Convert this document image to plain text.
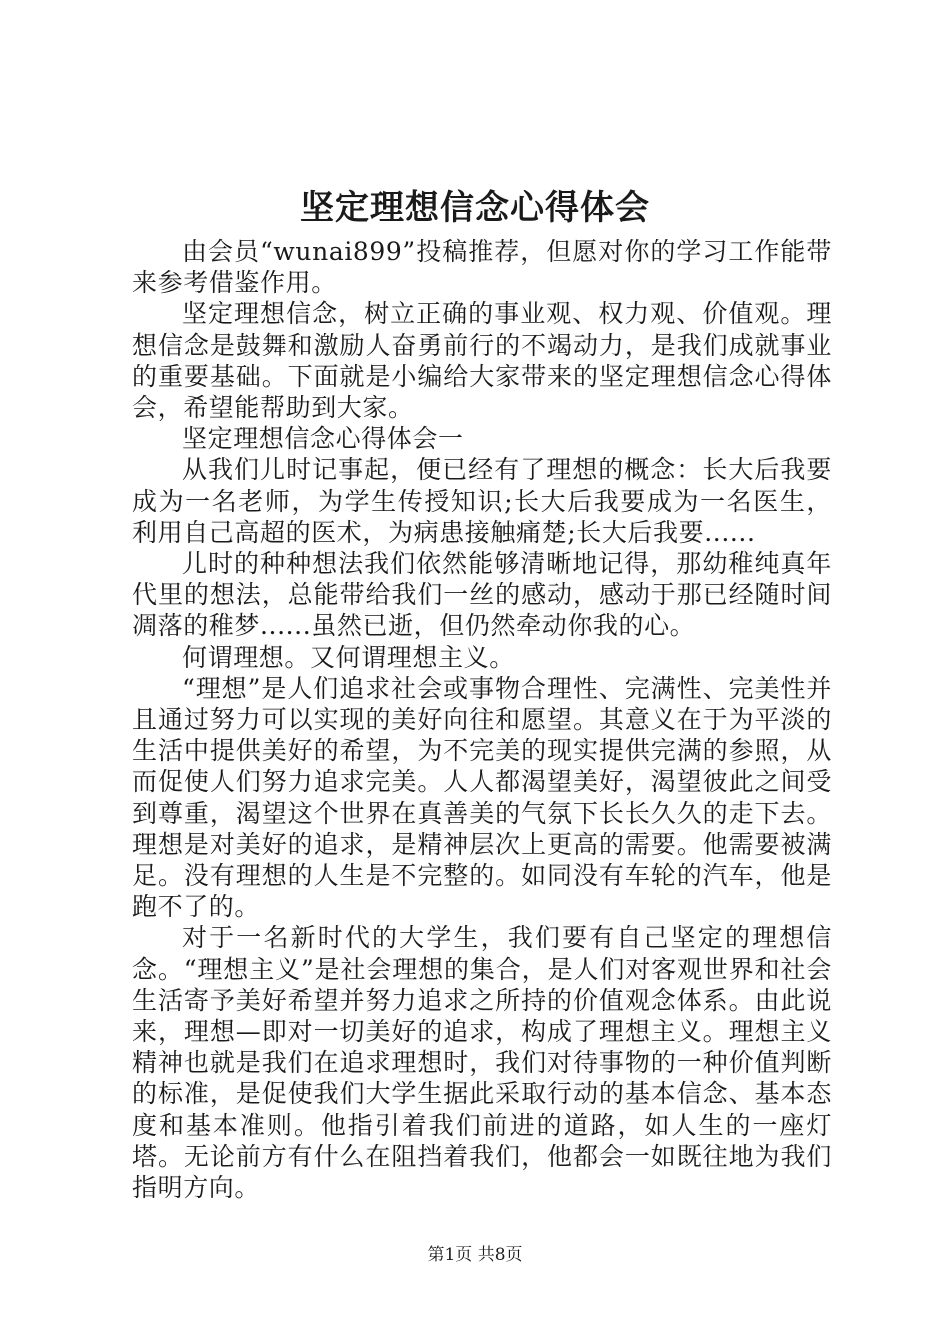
坚定理想信念心得体会

由会员“wunai899”投稿推荐，但愿对你的学习工作能带来参考借鉴作用。

坚定理想信念，树立正确的事业观、权力观、价值观。理想信念是鼓舞和激励人奋勇前行的不竭动力，是我们成就事业的重要基础。下面就是小编给大家带来的坚定理想信念心得体会，希望能帮助到大家。

坚定理想信念心得体会一

从我们儿时记事起，便已经有了理想的概念：长大后我要成为一名老师，为学生传授知识;长大后我要成为一名医生，利用自己高超的医术，为病患接触痛楚;长大后我要......

儿时的种种想法我们依然能够清晰地记得，那幼稚纯真年代里的想法，总能带给我们一丝的感动，感动于那已经随时间凋落的稚梦......虽然已逝，但仍然牵动你我的心。

何谓理想。又何谓理想主义。

“理想”是人们追求社会或事物合理性、完满性、完美性并且通过努力可以实现的美好向往和愿望。其意义在于为平淡的生活中提供美好的希望，为不完美的现实提供完满的参照，从而促使人们努力追求完美。人人都渴望美好，渴望彼此之间受到尊重，渴望这个世界在真善美的气氛下长长久久的走下去。理想是对美好的追求，是精神层次上更高的需要。他需要被满足。没有理想的人生是不完整的。如同没有车轮的汽车，他是跑不了的。

对于一名新时代的大学生，我们要有自己坚定的理想信念。“理想主义”是社会理想的集合，是人们对客观世界和社会生活寄予美好希望并努力追求之所持的价值观念体系。由此说来，理想—即对一切美好的追求，构成了理想主义。理想主义精神也就是我们在追求理想时，我们对待事物的一种价值判断的标准，是促使我们大学生据此采取行动的基本信念、基本态度和基本准则。他指引着我们前进的道路，如人生的一座灯塔。无论前方有什么在阻挡着我们，他都会一如既往地为我们指明方向。

第1页 共8页
